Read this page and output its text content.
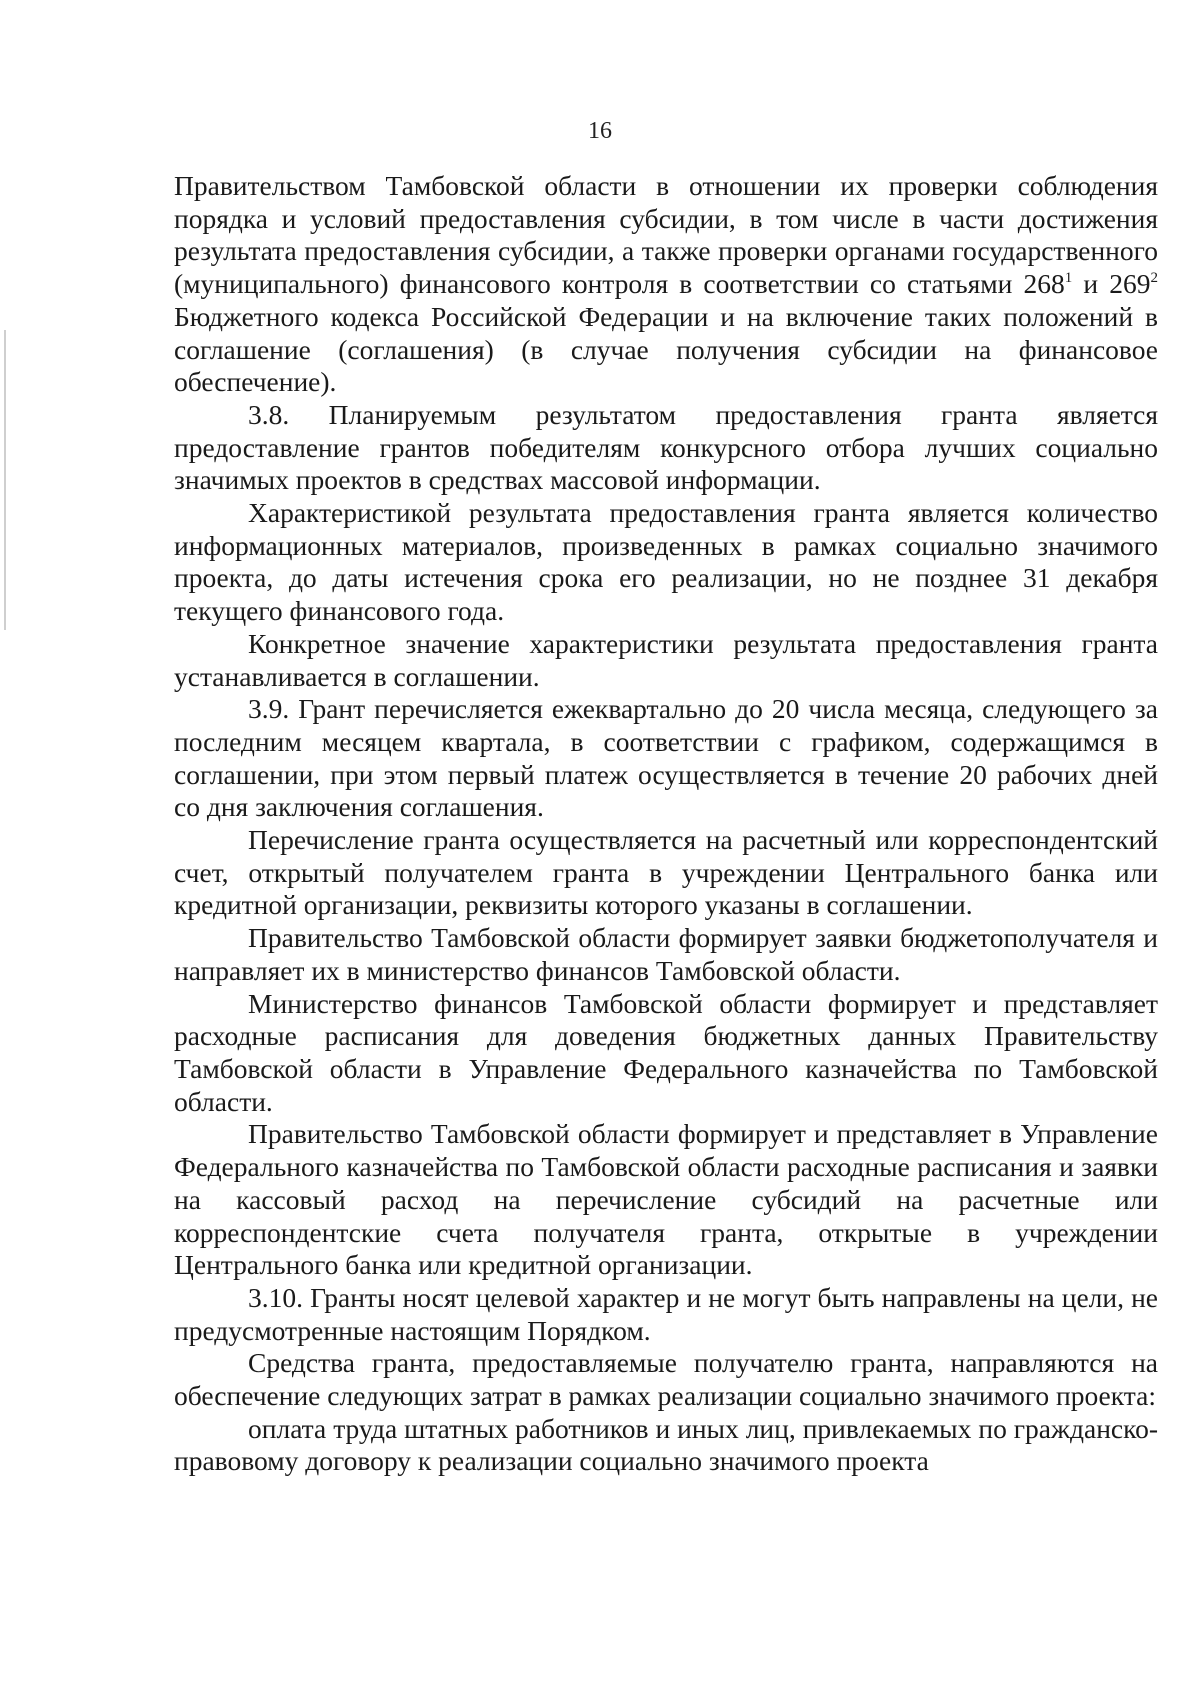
16

Правительством Тамбовской области в отношении их проверки соблюдения порядка и условий предоставления субсидии, в том числе в части достижения результата предоставления субсидии, а также проверки органами государственного (муниципального) финансового контроля в соответствии со статьями $268^1$ и $269^2$ Бюджетного кодекса Российской Федерации и на включение таких положений в соглашение (соглашения) (в случае получения субсидии на финансовое обеспечение).

3.8. Планируемым результатом предоставления гранта является предоставление грантов победителям конкурсного отбора лучших социально значимых проектов в средствах массовой информации.

Характеристикой результата предоставления гранта является количество информационных материалов, произведенных в рамках социально значимого проекта, до даты истечения срока его реализации, но не позднее 31 декабря текущего финансового года.

Конкретное значение характеристики результата предоставления гранта устанавливается в соглашении.

3.9. Грант перечисляется ежеквартально до 20 числа месяца, следующего за последним месяцем квартала, в соответствии с графиком, содержащимся в соглашении, при этом первый платеж осуществляется в течение 20 рабочих дней со дня заключения соглашения.

Перечисление гранта осуществляется на расчетный или корреспондентский счет, открытый получателем гранта в учреждении Центрального банка или кредитной организации, реквизиты которого указаны в соглашении.

Правительство Тамбовской области формирует заявки бюджетополучателя и направляет их в министерство финансов Тамбовской области.

Министерство финансов Тамбовской области формирует и представляет расходные расписания для доведения бюджетных данных Правительству Тамбовской области в Управление Федерального казначейства по Тамбовской области.

Правительство Тамбовской области формирует и представляет в Управление Федерального казначейства по Тамбовской области расходные расписания и заявки на кассовый расход на перечисление субсидий на расчетные или корреспондентские счета получателя гранта, открытые в учреждении Центрального банка или кредитной организации.

3.10. Гранты носят целевой характер и не могут быть направлены на цели, не предусмотренные настоящим Порядком.

Средства гранта, предоставляемые получателю гранта, направляются на обеспечение следующих затрат в рамках реализации социально значимого проекта:

оплата труда штатных работников и иных лиц, привлекаемых по гражданско-правовому договору к реализации социально значимого проекта
